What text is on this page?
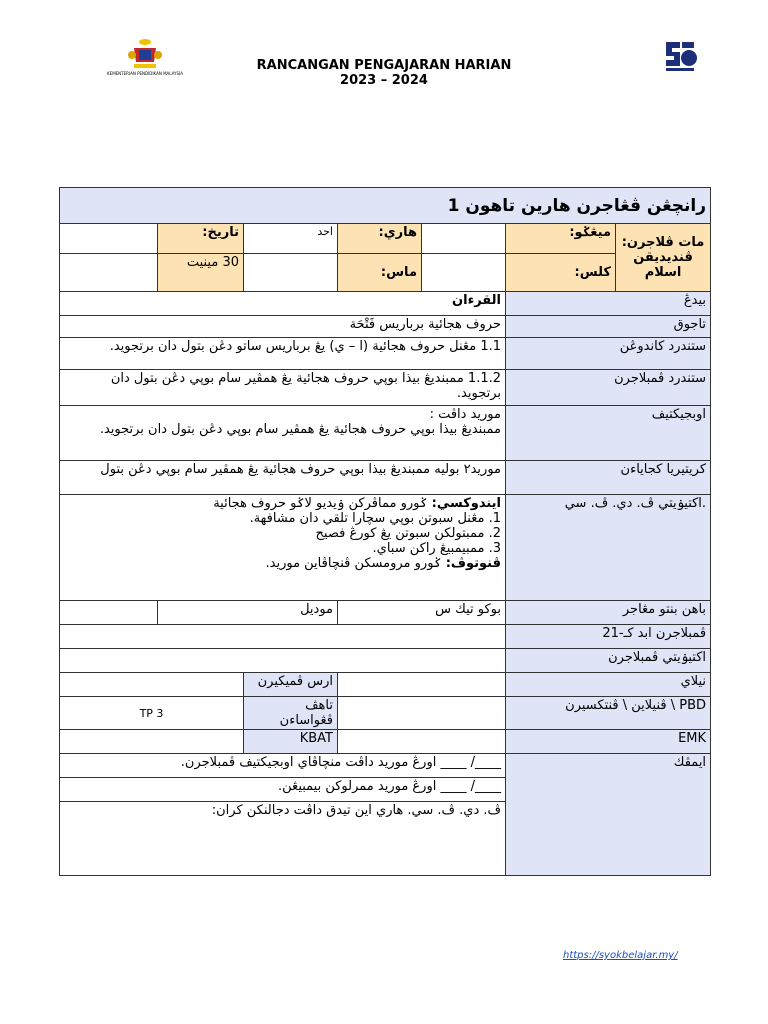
KEMENTERIAN PENDIDIKAN MALAYSIA
RANCANGAN PENGAJARAN HARIAN
2023 – 2024
رانچڠن ڤڠاجرن هارين تاهون 1						
	تاريخ:	احد	هاري:		ميڠݢو:	مات ڤلاجرن: ڤنديديقن اسلام
	30 مينيت		ماس:		كلس:	
القرءان					بيدڠ	
حروف هجائية برباريس فَتْحَة					تاجوق	
1.1 مڠنل حروف هجائية (ا – ي) يڠ برباريس ساتو دڠن بتول دان برتجويد.					ستندرد كاندوڠن	
1.1.2 ممبنديڠ بيذا بوڽي حروف هجائية يڠ همڤير سام بوڽي دڠن بتول دان برتجويد.					ستندرد ڤمبلاجرن	

موريد داڤت :
ممبنديڠ بيذا بوڽي حروف هجائية يڠ همڤير سام بوڽي دڠن بتول دان برتجويد.					اوبجيكتيف	
موريد٢ بوليه ممبنديڠ بيذا بوڽي حروف هجائية يڠ همڤير سام بوڽي دڠن بتول					كريتيريا كجاياءن	

ايندوكسي: ݢورو مماڤركن ۏيديو لاݢو حروف هجائية
1. مڠنل سبوتن بوڽي سچارا تلقي دان مشافهة.
2. ممبتولكن سبوتن يڠ كورڠ فصيح
3. ممبيمبيڠ راكن سباي.
ڤنوتوڤ: ݢورو مرومسكن ڤنچاڤاين موريد.					.اكتيۏيتي ڤ. دي. ڤ. سي	
	موديل		بوكو تيك س		باهن بنتو مڠاجر	
					ڤمبلاجرن ابد كـ-21	
					اكتيۏيتي ڤمبلاجرن	
		ارس ڤميكيرن			نيلاي	
TP 3		تاهڤ ڤڠواساءن			PBD \ ڤنيلاين \ ڤنتكسيرن	
		KBAT			EMK	
____/ ____ اورڠ موريد داڤت منچاڤاي اوبجيكتيف ڤمبلاجرن.					ايمڤك	
____/ ____ اورڠ موريد ممرلوكن بيمبيڠن.						
ڤ. دي. ڤ. سي. هاري اين تيدق داڤت دجالنكن كران:						
https://syokbelajar.my/
